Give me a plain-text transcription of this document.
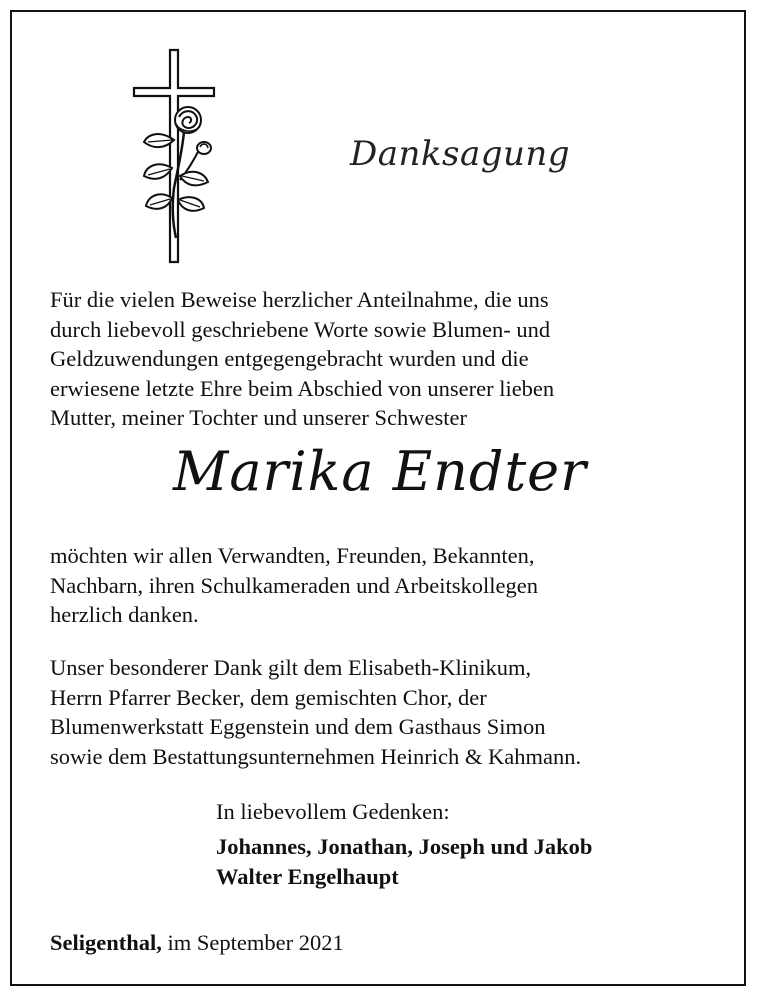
Danksagung

Für die vielen Beweise herzlicher Anteilnahme, die uns
durch liebevoll geschriebene Worte sowie Blumen- und
Geldzuwendungen entgegengebracht wurden und die
erwiesene letzte Ehre beim Abschied von unserer lieben
Mutter, meiner Tochter und unserer Schwester

Marika Endter

möchten wir allen Verwandten, Freunden, Bekannten,
Nachbarn, ihren Schulkameraden und Arbeitskollegen
herzlich danken.

Unser besonderer Dank gilt dem Elisabeth-Klinikum,
Herrn Pfarrer Becker, dem gemischten Chor, der
Blumenwerkstatt Eggenstein und dem Gasthaus Simon
sowie dem Bestattungsunternehmen Heinrich & Kahmann.

In liebevollem Gedenken:
Johannes, Jonathan, Joseph und Jakob
Walter Engelhaupt
Seligenthal, im September 2021
